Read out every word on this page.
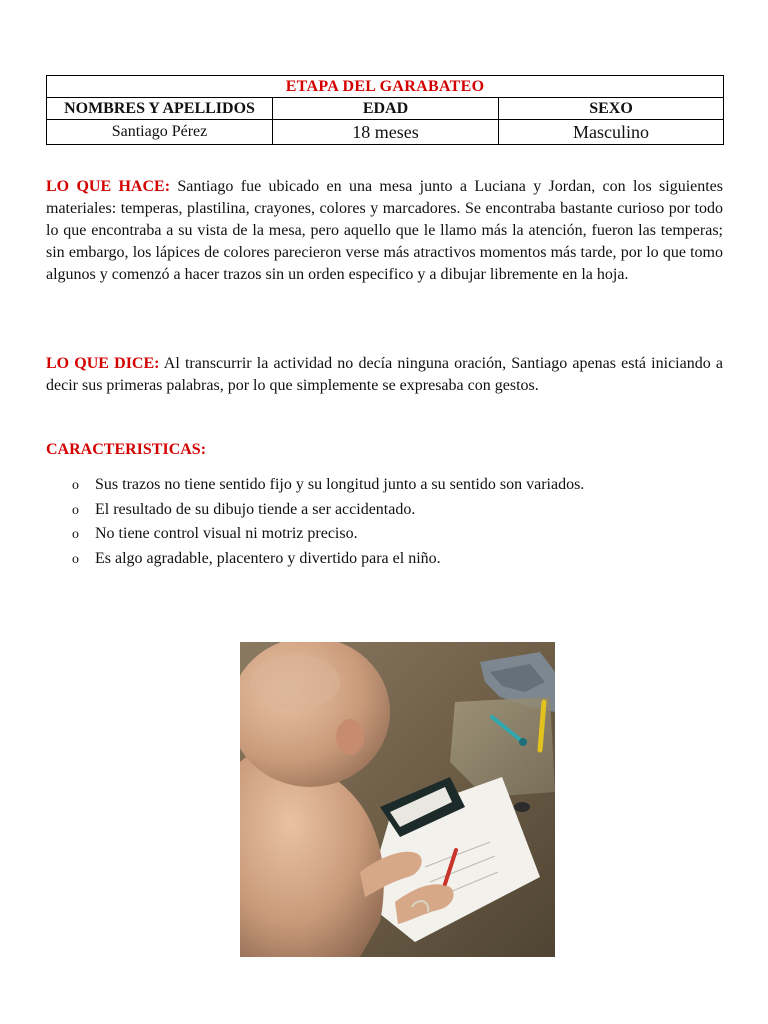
ETAPA DEL GARABATEO		
NOMBRES Y APELLIDOS	EDAD	SEXO
Santiago Pérez	18 meses	Masculino

LO QUE HACE: Santiago fue ubicado en una mesa junto a Luciana y Jordan, con los siguientes materiales: temperas, plastilina, crayones, colores y marcadores. Se encontraba bastante curioso por todo lo que encontraba a su vista de la mesa, pero aquello que le llamo más la atención, fueron las temperas; sin embargo, los lápices de colores parecieron verse más atractivos momentos más tarde, por lo que tomo algunos y comenzó a hacer trazos sin un orden especifico y a dibujar libremente en la hoja.

LO QUE DICE: Al transcurrir la actividad no decía ninguna oración, Santiago apenas está iniciando a decir sus primeras palabras, por lo que simplemente se expresaba con gestos.

CARACTERISTICAS:

o	Sus trazos no tiene sentido fijo y su longitud junto a su sentido son variados.
o	El resultado de su dibujo tiende a ser accidentado.
o	No tiene control visual ni motriz preciso.
o	Es algo agradable, placentero y divertido para el niño.
